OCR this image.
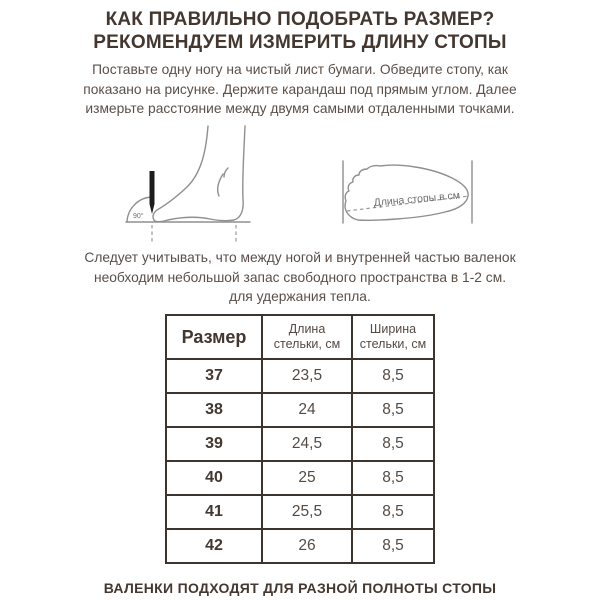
КАК ПРАВИЛЬНО ПОДОБРАТЬ РАЗМЕР?
РЕКОМЕНДУЕМ ИЗМЕРИТЬ ДЛИНУ СТОПЫ
Поставьте одну ногу на чистый лист бумаги. Обведите стопу, как
показано на рисунке. Держите карандаш под прямым углом. Далее
измерьте расстояние между двумя самыми отдаленными точками.
90°
Длина стопы в см
Следует учитывать, что между ногой и внутренней частью валенок
необходим небольшой запас свободного пространства в 1-2 см.
для удержания тепла.
Размер	Длина стельки, см	Ширина стельки, см
37	23,5	8,5
38	24	8,5
39	24,5	8,5
40	25	8,5
41	25,5	8,5
42	26	8,5
ВАЛЕНКИ ПОДХОДЯТ ДЛЯ РАЗНОЙ ПОЛНОТЫ СТОПЫ
